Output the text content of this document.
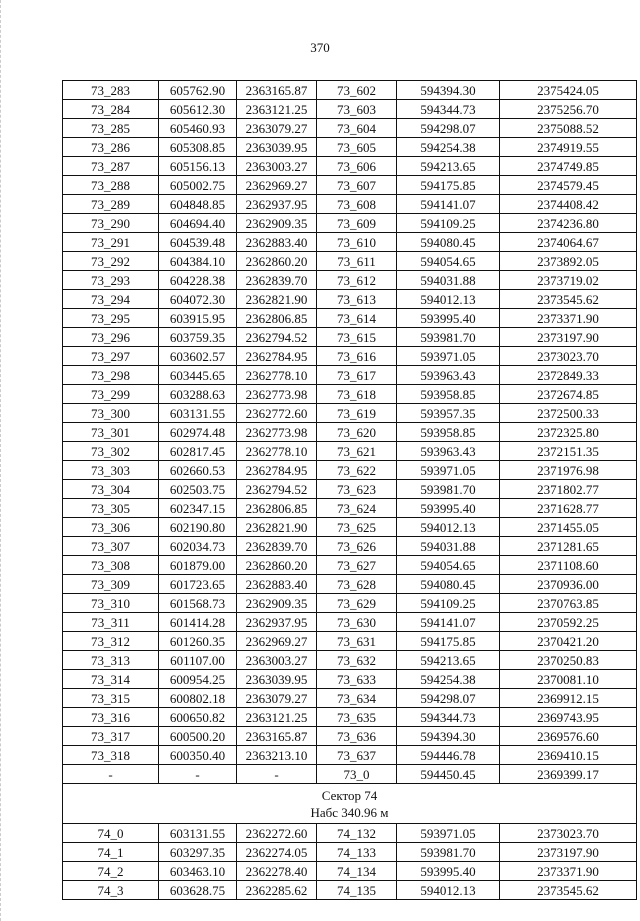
370
73_283	605762.90	2363165.87	73_602	594394.30	2375424.05
73_284	605612.30	2363121.25	73_603	594344.73	2375256.70
73_285	605460.93	2363079.27	73_604	594298.07	2375088.52
73_286	605308.85	2363039.95	73_605	594254.38	2374919.55
73_287	605156.13	2363003.27	73_606	594213.65	2374749.85
73_288	605002.75	2362969.27	73_607	594175.85	2374579.45
73_289	604848.85	2362937.95	73_608	594141.07	2374408.42
73_290	604694.40	2362909.35	73_609	594109.25	2374236.80
73_291	604539.48	2362883.40	73_610	594080.45	2374064.67
73_292	604384.10	2362860.20	73_611	594054.65	2373892.05
73_293	604228.38	2362839.70	73_612	594031.88	2373719.02
73_294	604072.30	2362821.90	73_613	594012.13	2373545.62
73_295	603915.95	2362806.85	73_614	593995.40	2373371.90
73_296	603759.35	2362794.52	73_615	593981.70	2373197.90
73_297	603602.57	2362784.95	73_616	593971.05	2373023.70
73_298	603445.65	2362778.10	73_617	593963.43	2372849.33
73_299	603288.63	2362773.98	73_618	593958.85	2372674.85
73_300	603131.55	2362772.60	73_619	593957.35	2372500.33
73_301	602974.48	2362773.98	73_620	593958.85	2372325.80
73_302	602817.45	2362778.10	73_621	593963.43	2372151.35
73_303	602660.53	2362784.95	73_622	593971.05	2371976.98
73_304	602503.75	2362794.52	73_623	593981.70	2371802.77
73_305	602347.15	2362806.85	73_624	593995.40	2371628.77
73_306	602190.80	2362821.90	73_625	594012.13	2371455.05
73_307	602034.73	2362839.70	73_626	594031.88	2371281.65
73_308	601879.00	2362860.20	73_627	594054.65	2371108.60
73_309	601723.65	2362883.40	73_628	594080.45	2370936.00
73_310	601568.73	2362909.35	73_629	594109.25	2370763.85
73_311	601414.28	2362937.95	73_630	594141.07	2370592.25
73_312	601260.35	2362969.27	73_631	594175.85	2370421.20
73_313	601107.00	2363003.27	73_632	594213.65	2370250.83
73_314	600954.25	2363039.95	73_633	594254.38	2370081.10
73_315	600802.18	2363079.27	73_634	594298.07	2369912.15
73_316	600650.82	2363121.25	73_635	594344.73	2369743.95
73_317	600500.20	2363165.87	73_636	594394.30	2369576.60
73_318	600350.40	2363213.10	73_637	594446.78	2369410.15
-	-	-	73_0	594450.45	2369399.17

Сектор 74
Набс 340.96 м					

74_0	603131.55	2362272.60	74_132	593971.05	2373023.70
74_1	603297.35	2362274.05	74_133	593981.70	2373197.90
74_2	603463.10	2362278.40	74_134	593995.40	2373371.90
74_3	603628.75	2362285.62	74_135	594012.13	2373545.62
